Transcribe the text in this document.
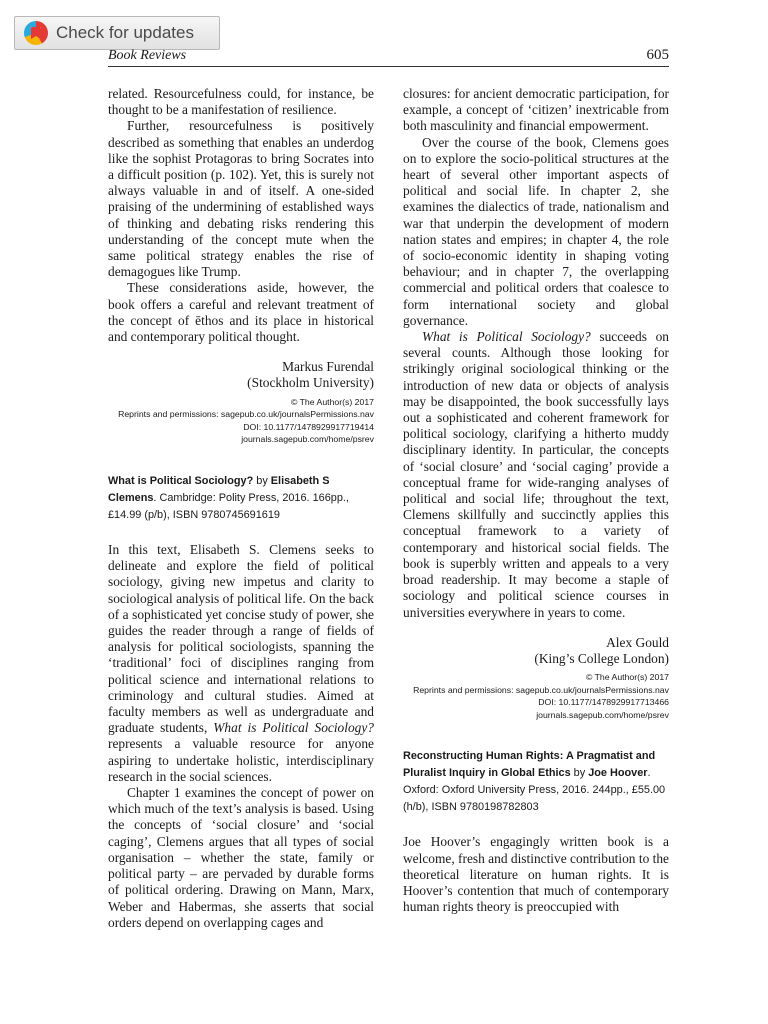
Check for updates
Book Reviews	605

related. Resourcefulness could, for instance, be thought to be a manifestation of resilience.

Further, resourcefulness is positively described as something that enables an underdog like the sophist Protagoras to bring Socrates into a difficult position (p. 102). Yet, this is surely not always valuable in and of itself. A one-sided praising of the undermining of established ways of thinking and debating risks rendering this understanding of the concept mute when the same political strategy enables the rise of demagogues like Trump.

These considerations aside, however, the book offers a careful and relevant treatment of the concept of ēthos and its place in historical and contemporary political thought.

Markus Furendal
(Stockholm University)
© The Author(s) 2017
Reprints and permissions: sagepub.co.uk/journalsPermissions.nav
DOI: 10.1177/1478929917719414
journals.sagepub.com/home/psrev
What is Political Sociology? by Elisabeth S Clemens. Cambridge: Polity Press, 2016. 166pp., £14.99 (p/b), ISBN 9780745691619

In this text, Elisabeth S. Clemens seeks to delineate and explore the field of political sociology, giving new impetus and clarity to sociological analysis of political life. On the back of a sophisticated yet concise study of power, she guides the reader through a range of fields of analysis for political sociologists, spanning the ‘traditional’ foci of disciplines ranging from political science and international relations to criminology and cultural studies. Aimed at faculty members as well as undergraduate and graduate students, What is Political Sociology? represents a valuable resource for anyone aspiring to undertake holistic, interdisciplinary research in the social sciences.

Chapter 1 examines the concept of power on which much of the text’s analysis is based. Using the concepts of ‘social closure’ and ‘social caging’, Clemens argues that all types of social organisation – whether the state, family or political party – are pervaded by durable forms of political ordering. Drawing on Mann, Marx, Weber and Habermas, she asserts that social orders depend on overlapping cages and

closures: for ancient democratic participation, for example, a concept of ‘citizen’ inextricable from both masculinity and financial empowerment.

Over the course of the book, Clemens goes on to explore the socio-political structures at the heart of several other important aspects of political and social life. In chapter 2, she examines the dialectics of trade, nationalism and war that underpin the development of modern nation states and empires; in chapter 4, the role of socio-economic identity in shaping voting behaviour; and in chapter 7, the overlapping commercial and political orders that coalesce to form international society and global governance.

What is Political Sociology? succeeds on several counts. Although those looking for strikingly original sociological thinking or the introduction of new data or objects of analysis may be disappointed, the book successfully lays out a sophisticated and coherent framework for political sociology, clarifying a hitherto muddy disciplinary identity. In particular, the concepts of ‘social closure’ and ‘social caging’ provide a conceptual frame for wide-ranging analyses of political and social life; throughout the text, Clemens skillfully and succinctly applies this conceptual framework to a variety of contemporary and historical social fields. The book is superbly written and appeals to a very broad readership. It may become a staple of sociology and political science courses in universities everywhere in years to come.

Alex Gould
(King’s College London)
© The Author(s) 2017
Reprints and permissions: sagepub.co.uk/journalsPermissions.nav
DOI: 10.1177/1478929917713466
journals.sagepub.com/home/psrev
Reconstructing Human Rights: A Pragmatist and Pluralist Inquiry in Global Ethics by Joe Hoover. Oxford: Oxford University Press, 2016. 244pp., £55.00 (h/b), ISBN 9780198782803

Joe Hoover’s engagingly written book is a welcome, fresh and distinctive contribution to the theoretical literature on human rights. It is Hoover’s contention that much of contemporary human rights theory is preoccupied with
